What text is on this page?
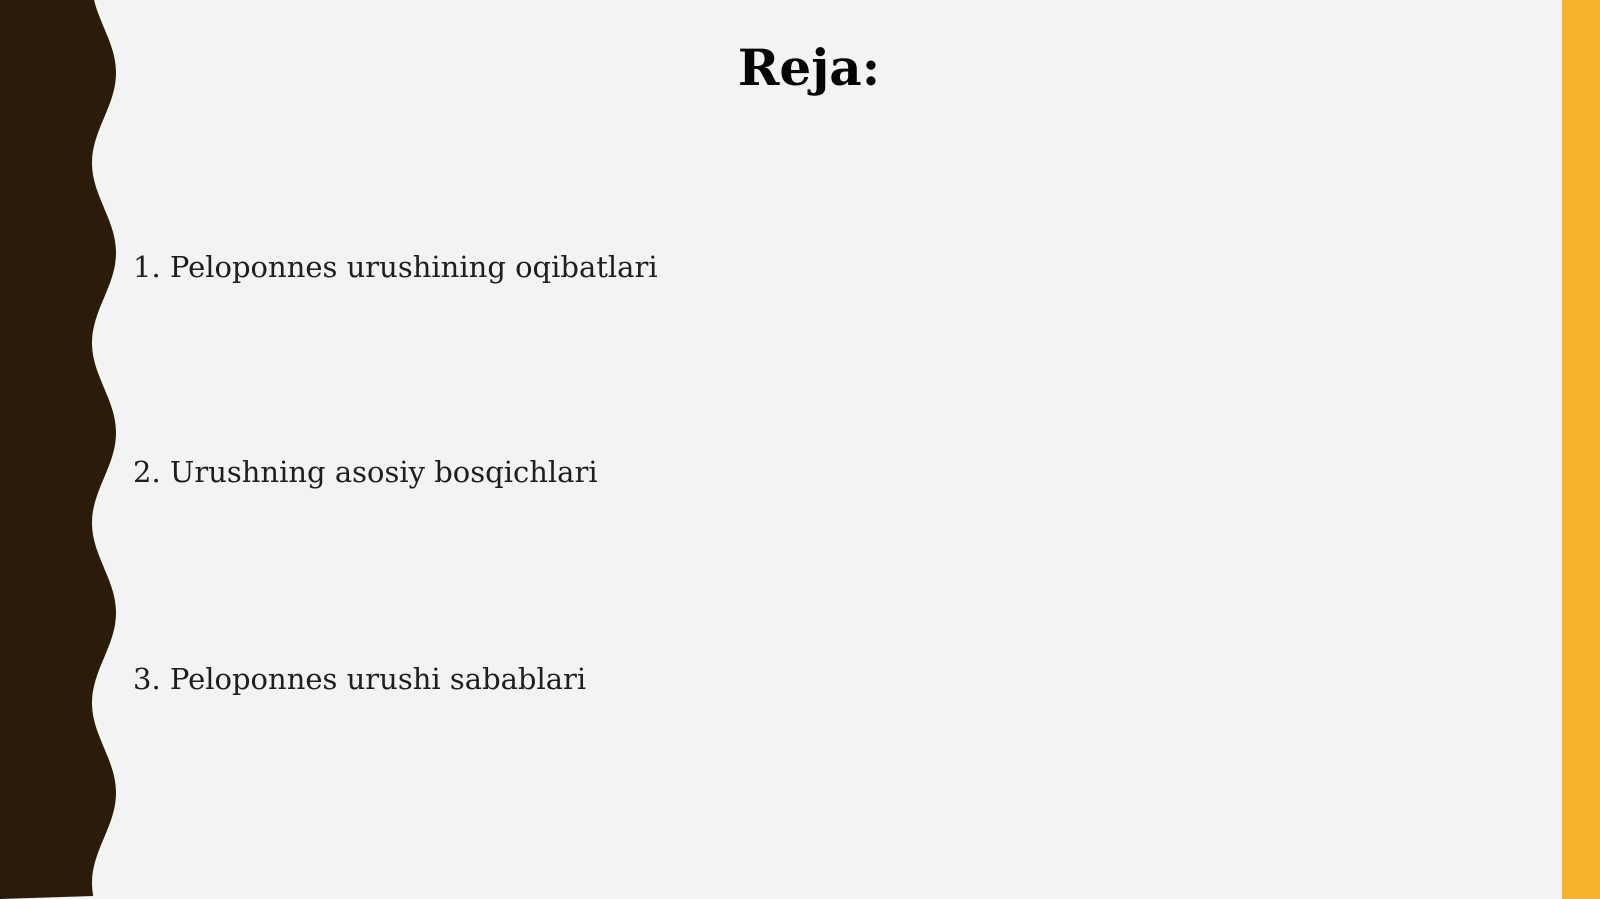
Reja:
1. Peloponnes urushining oqibatlari
2. Urushning asosiy bosqichlari
3. Peloponnes urushi sabablari
